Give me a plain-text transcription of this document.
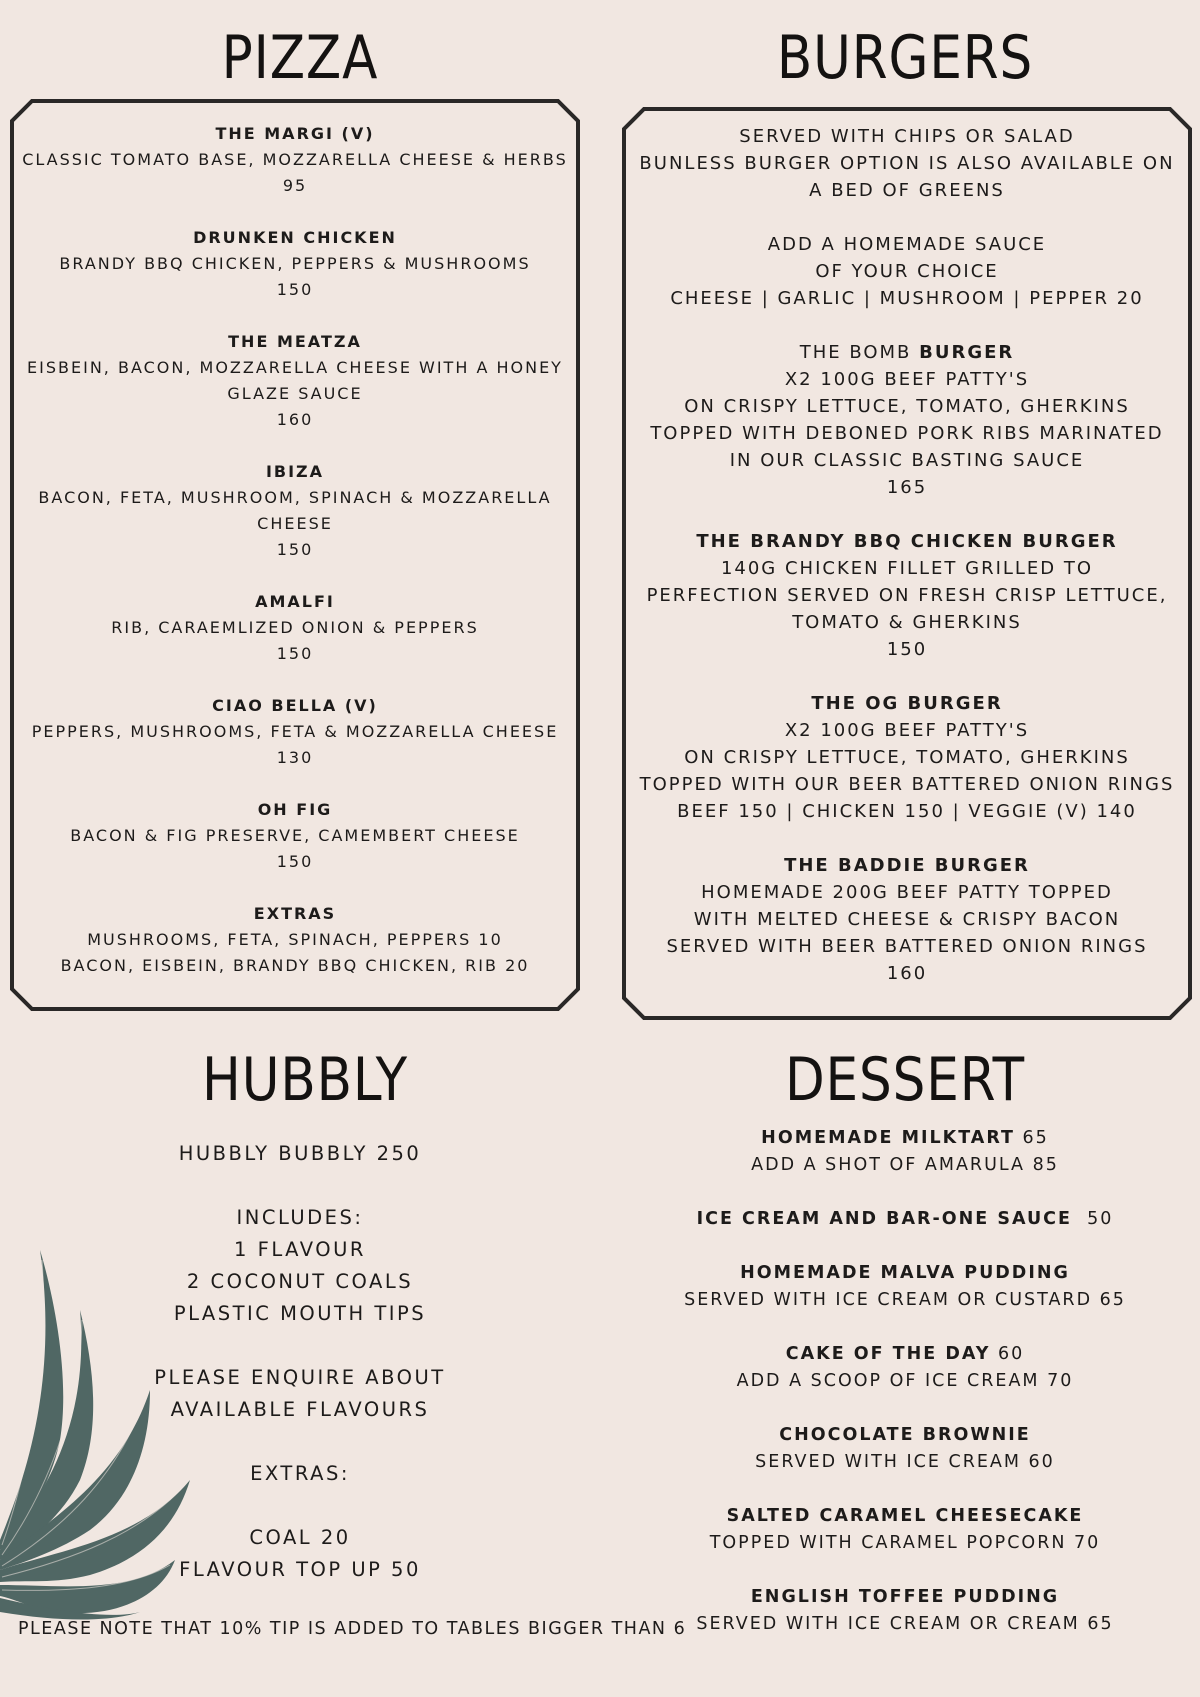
PIZZA
THE MARGI (V)
CLASSIC TOMATO BASE, MOZZARELLA CHEESE & HERBS
95
DRUNKEN CHICKEN
BRANDY BBQ CHICKEN, PEPPERS & MUSHROOMS
150
THE MEATZA
EISBEIN, BACON, MOZZARELLA CHEESE WITH A HONEY
GLAZE SAUCE
160
IBIZA
BACON, FETA, MUSHROOM, SPINACH & MOZZARELLA
CHEESE
150
AMALFI
RIB, CARAEMLIZED ONION & PEPPERS
150
CIAO BELLA (V)
PEPPERS, MUSHROOMS, FETA & MOZZARELLA CHEESE
130
OH FIG
BACON & FIG PRESERVE, CAMEMBERT CHEESE
150
EXTRAS
MUSHROOMS, FETA, SPINACH, PEPPERS 10
BACON, EISBEIN, BRANDY BBQ CHICKEN, RIB 20
BURGERS
SERVED WITH CHIPS OR SALAD
BUNLESS BURGER OPTION IS ALSO AVAILABLE ON
A BED OF GREENS
ADD A HOMEMADE SAUCE
OF YOUR CHOICE
CHEESE | GARLIC | MUSHROOM | PEPPER 20
THE BOMB BURGER
X2 100G BEEF PATTY'S
ON CRISPY LETTUCE, TOMATO, GHERKINS
TOPPED WITH DEBONED PORK RIBS MARINATED
IN OUR CLASSIC BASTING SAUCE
165
THE BRANDY BBQ CHICKEN BURGER
140G CHICKEN FILLET GRILLED TO
PERFECTION SERVED ON FRESH CRISP LETTUCE,
TOMATO & GHERKINS
150
THE OG BURGER
X2 100G BEEF PATTY'S
ON CRISPY LETTUCE, TOMATO, GHERKINS
TOPPED WITH OUR BEER BATTERED ONION RINGS
BEEF 150 | CHICKEN 150 | VEGGIE (V) 140
THE BADDIE BURGER
HOMEMADE 200G BEEF PATTY TOPPED
WITH MELTED CHEESE & CRISPY BACON
SERVED WITH BEER BATTERED ONION RINGS
160
HUBBLY
HUBBLY BUBBLY 250
INCLUDES:
1 FLAVOUR
2 COCONUT COALS
PLASTIC MOUTH TIPS
PLEASE ENQUIRE ABOUT
AVAILABLE FLAVOURS
EXTRAS:
COAL 20
FLAVOUR TOP UP 50
DESSERT
HOMEMADE MILKTART 65
ADD A SHOT OF AMARULA 85
ICE CREAM AND BAR-ONE SAUCE  50
HOMEMADE MALVA PUDDING
SERVED WITH ICE CREAM OR CUSTARD 65
CAKE OF THE DAY 60
ADD A SCOOP OF ICE CREAM 70
CHOCOLATE BROWNIE
SERVED WITH ICE CREAM 60
SALTED CARAMEL CHEESECAKE
TOPPED WITH CARAMEL POPCORN 70
ENGLISH TOFFEE PUDDING
SERVED WITH ICE CREAM OR CREAM 65
PLEASE NOTE THAT 10% TIP IS ADDED TO TABLES BIGGER THAN 6
